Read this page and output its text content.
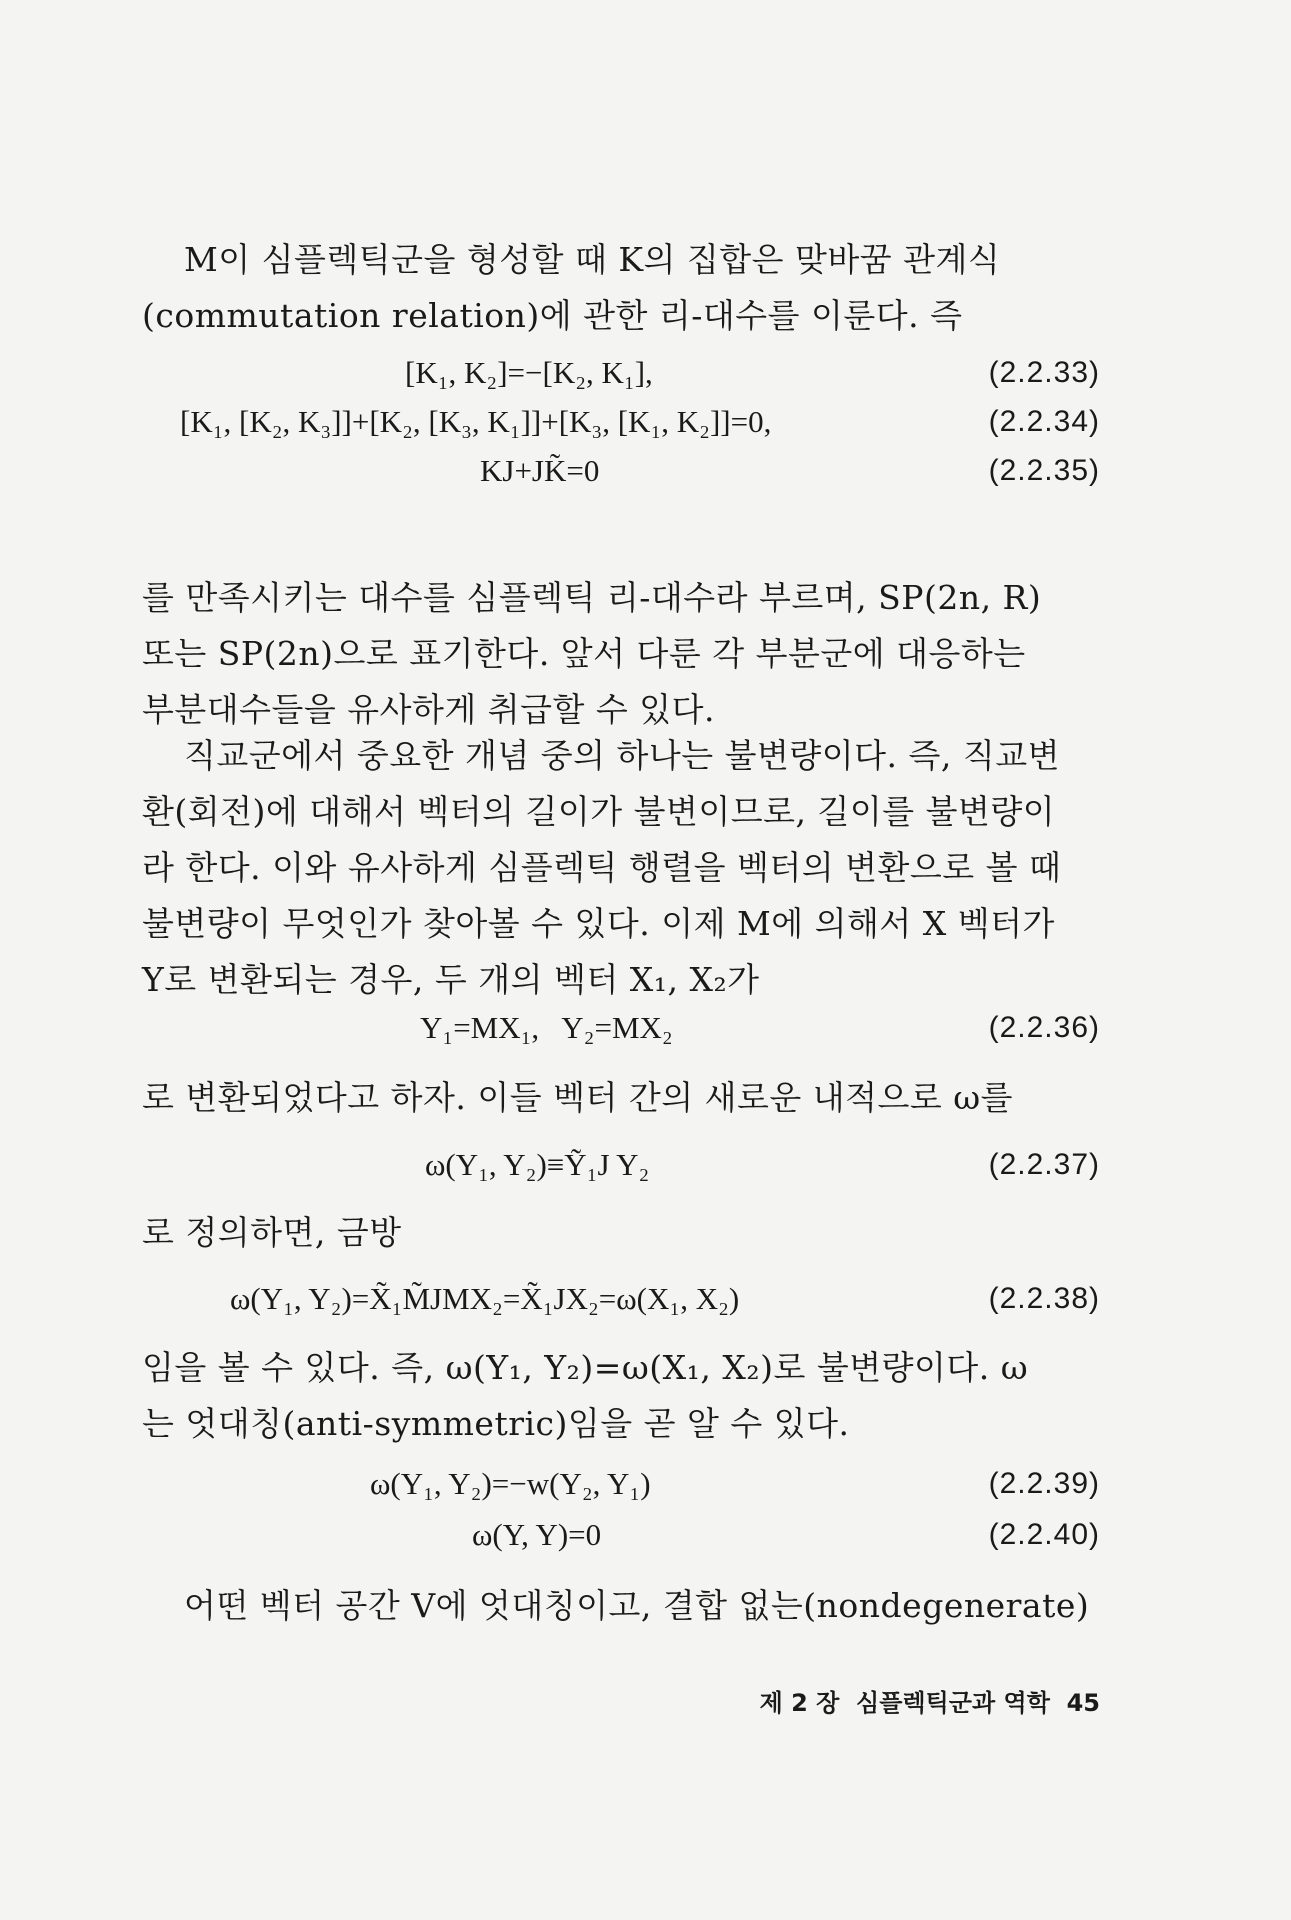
M이 심플렉틱군을 형성할 때 K의 집합은 맞바꿈 관계식
(commutation relation)에 관한 리-대수를 이룬다. 즉
[K₁, K₂]=−[K₂, K₁],	(2.2.33)
[K₁, [K₂, K₃]]+[K₂, [K₃, K₁]]+[K₃, [K₁, K₂]]=0,	(2.2.34)
KJ+JK̃=0	(2.2.35)
를 만족시키는 대수를 심플렉틱 리-대수라 부르며, SP(2n, R)
또는 SP(2n)으로 표기한다. 앞서 다룬 각 부분군에 대응하는
부분대수들을 유사하게 취급할 수 있다.
직교군에서 중요한 개념 중의 하나는 불변량이다. 즉, 직교변
환(회전)에 대해서 벡터의 길이가 불변이므로, 길이를 불변량이
라 한다. 이와 유사하게 심플렉틱 행렬을 벡터의 변환으로 볼 때
불변량이 무엇인가 찾아볼 수 있다. 이제 M에 의해서 X 벡터가
Y로 변환되는 경우, 두 개의 벡터 X₁, X₂가
Y₁=MX₁,   Y₂=MX₂	(2.2.36)
로 변환되었다고 하자. 이들 벡터 간의 새로운 내적으로 ω를
ω(Y₁, Y₂)≡Ỹ₁J Y₂	(2.2.37)
로 정의하면, 금방
ω(Y₁, Y₂)=X̃₁M̃JMX₂=X̃₁JX₂=ω(X₁, X₂)	(2.2.38)
임을 볼 수 있다. 즉, ω(Y₁, Y₂)=ω(X₁, X₂)로 불변량이다. ω
는 엇대칭(anti-symmetric)임을 곧 알 수 있다.
ω(Y₁, Y₂)=−w(Y₂, Y₁)	(2.2.39)
ω(Y, Y)=0	(2.2.40)
어떤 벡터 공간 V에 엇대칭이고, 결합 없는(nondegenerate)
제 2 장  심플렉틱군과 역학  45
